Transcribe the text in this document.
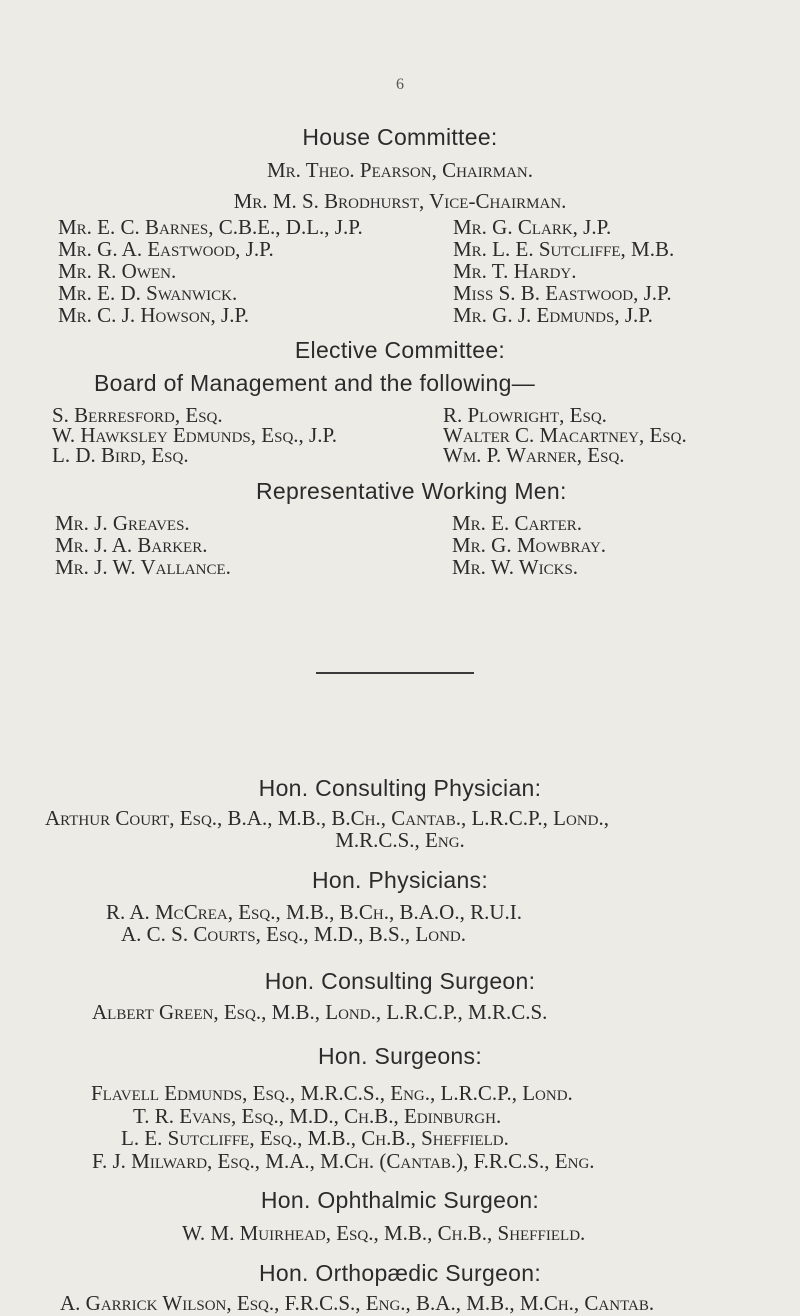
6
House Committee:
Mr. Theo. Pearson, Chairman.
Mr. M. S. Brodhurst, Vice-Chairman.
Mr. E. C. Barnes, C.B.E., D.L., J.P.
Mr. G. A. Eastwood, J.P.
Mr. R. Owen.
Mr. E. D. Swanwick.
Mr. C. J. Howson, J.P.
Mr. G. Clark, J.P.
Mr. L. E. Sutcliffe, M.B.
Mr. T. Hardy.
Miss S. B. Eastwood, J.P.
Mr. G. J. Edmunds, J.P.
Elective Committee:
Board of Management and the following—
S. Berresford, Esq.
W. Hawksley Edmunds, Esq., J.P.
L. D. Bird, Esq.
R. Plowright, Esq.
Walter C. Macartney, Esq.
Wm. P. Warner, Esq.
Representative Working Men:
Mr. J. Greaves.
Mr. J. A. Barker.
Mr. J. W. Vallance.
Mr. E. Carter.
Mr. G. Mowbray.
Mr. W. Wicks.
Hon. Consulting Physician:
Arthur Court, Esq., B.A., M.B., B.Ch., Cantab., L.R.C.P., Lond.,
M.R.C.S., Eng.
Hon. Physicians:
R. A. McCrea, Esq., M.B., B.Ch., B.A.O., R.U.I.
A. C. S. Courts, Esq., M.D., B.S., Lond.
Hon. Consulting Surgeon:
Albert Green, Esq., M.B., Lond., L.R.C.P., M.R.C.S.
Hon. Surgeons:
Flavell Edmunds, Esq., M.R.C.S., Eng., L.R.C.P., Lond.
T. R. Evans, Esq., M.D., Ch.B., Edinburgh.
L. E. Sutcliffe, Esq., M.B., Ch.B., Sheffield.
F. J. Milward, Esq., M.A., M.Ch. (Cantab.), F.R.C.S., Eng.
Hon. Ophthalmic Surgeon:
W. M. Muirhead, Esq., M.B., Ch.B., Sheffield.
Hon. Orthopædic Surgeon:
A. Garrick Wilson, Esq., F.R.C.S., Eng., B.A., M.B., M.Ch., Cantab.
